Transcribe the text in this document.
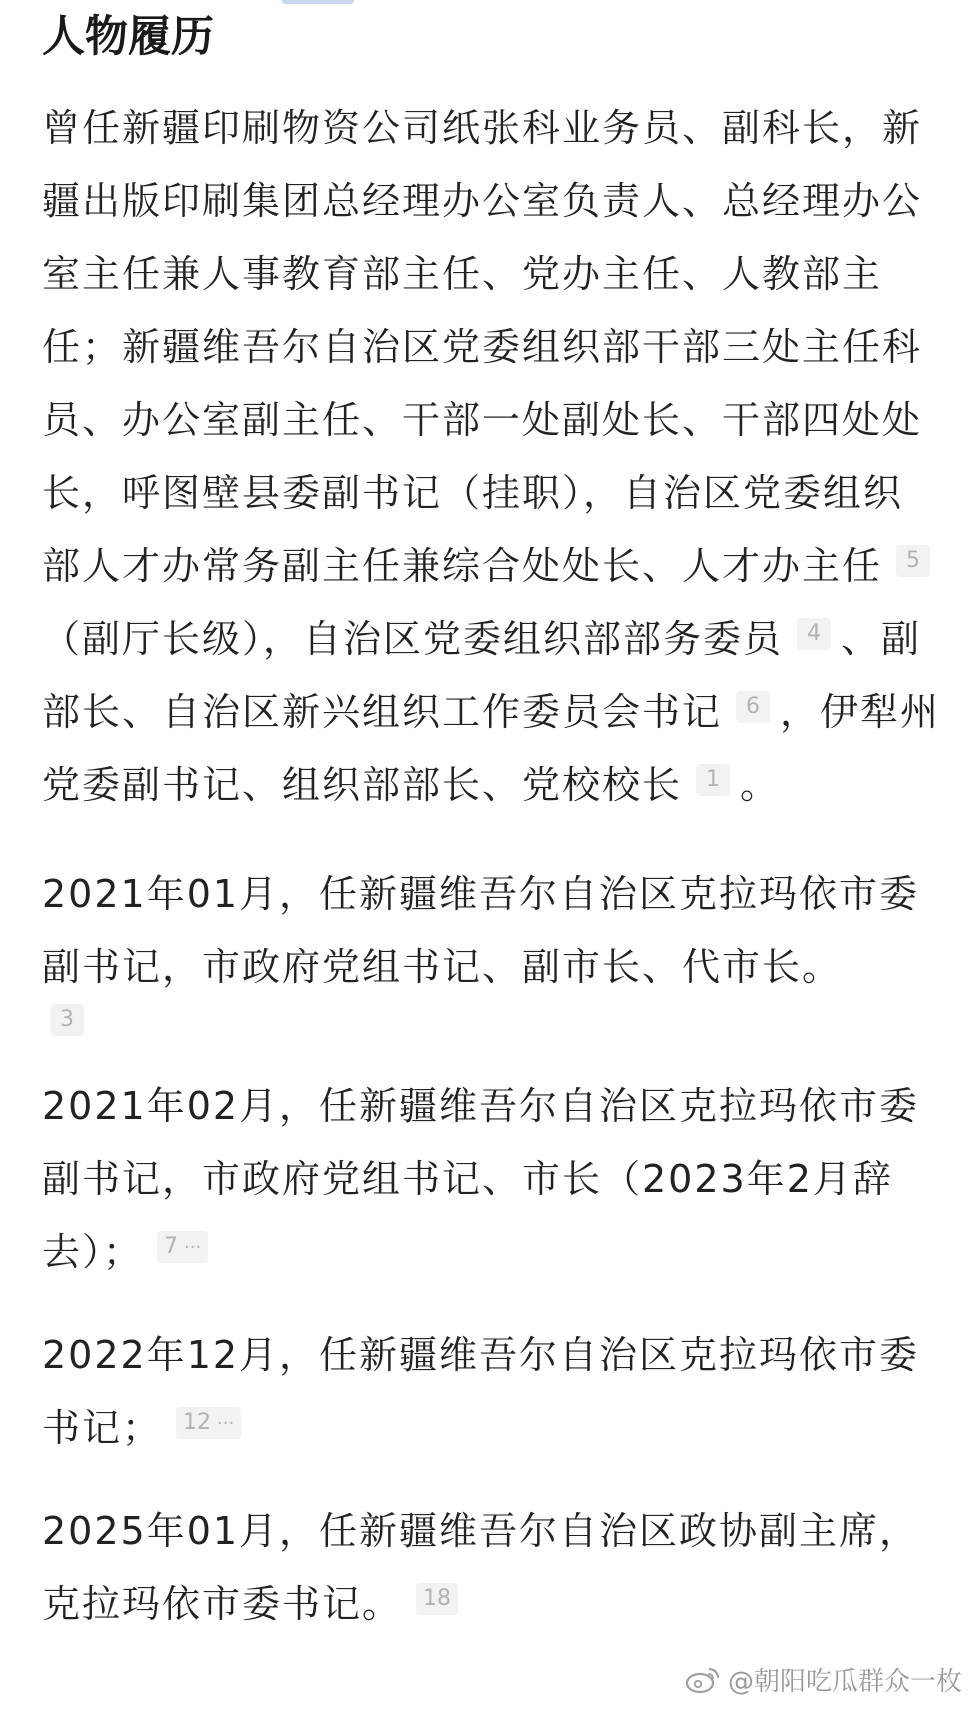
人物履历

曾任新疆印刷物资公司纸张科业务员、副科长，新疆出版印刷集团总经理办公室负责人、总经理办公室主任兼人事教育部主任、党办主任、人教部主任；新疆维吾尔自治区党委组织部干部三处主任科员、办公室副主任、干部一处副处长、干部四处处长，呼图壁县委副书记（挂职），自治区党委组织部人才办常务副主任兼综合处处长、人才办主任 5（副厅长级），自治区党委组织部部务委员 4 、副部长、自治区新兴组织工作委员会书记 6 ，伊犁州党委副书记、组织部部长、党校校长 1 。

2021年01月，任新疆维吾尔自治区克拉玛依市委副书记，市政府党组书记、副市长、代市长。
3

2021年02月，任新疆维吾尔自治区克拉玛依市委副书记，市政府党组书记、市长（2023年2月辞去）； 7 ···

2022年12月，任新疆维吾尔自治区克拉玛依市委书记； 12 ···

2025年01月，任新疆维吾尔自治区政协副主席，克拉玛依市委书记。 18

@朝阳吃瓜群众一枚
